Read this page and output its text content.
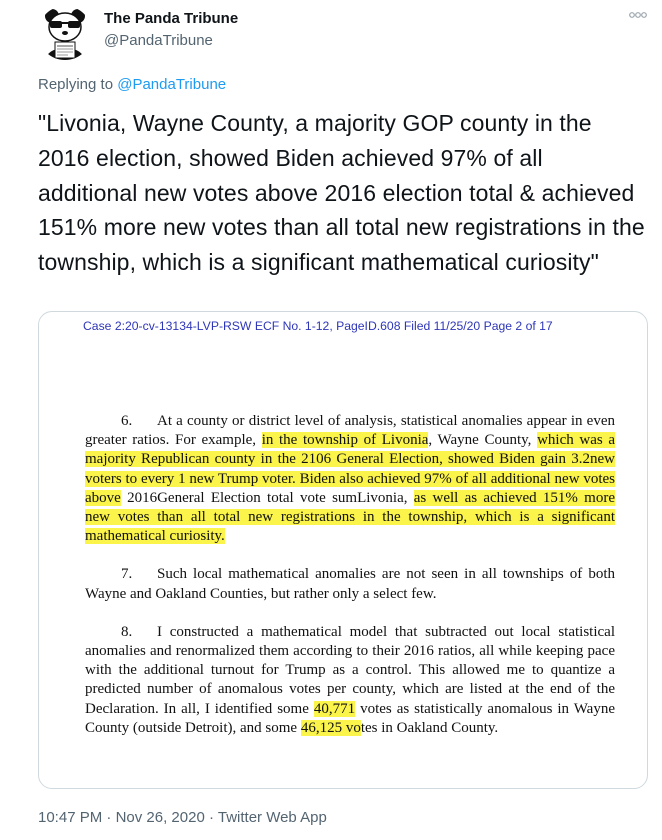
The Panda Tribune
@PandaTribune
Replying to @PandaTribune
"Livonia, Wayne County, a majority GOP county in the 2016 election, showed Biden achieved 97% of all additional new votes above 2016 election total & achieved 151% more new votes than all total new registrations in the township, which is a significant mathematical curiosity"
Case 2:20-cv-13134-LVP-RSW ECF No. 1-12, PageID.608 Filed 11/25/20 Page 2 of 17
6. At a county or district level of analysis, statistical anomalies appear in even greater ratios. For example, in the township of Livonia, Wayne County, which was a majority Republican county in the 2106 General Election, showed Biden gain 3.2new voters to every 1 new Trump voter. Biden also achieved 97% of all additional new votes above 2016General Election total vote sumLivonia, as well as achieved 151% more new votes than all total new registrations in the township, which is a significant mathematical curiosity.
7. Such local mathematical anomalies are not seen in all townships of both Wayne and Oakland Counties, but rather only a select few.
8. I constructed a mathematical model that subtracted out local statistical anomalies and renormalized them according to their 2016 ratios, all while keeping pace with the additional turnout for Trump as a control. This allowed me to quantize a predicted number of anomalous votes per county, which are listed at the end of the Declaration. In all, I identified some 40,771 votes as statistically anomalous in Wayne County (outside Detroit), and some 46,125 votes in Oakland County.
10:47 PM · Nov 26, 2020 · Twitter Web App
